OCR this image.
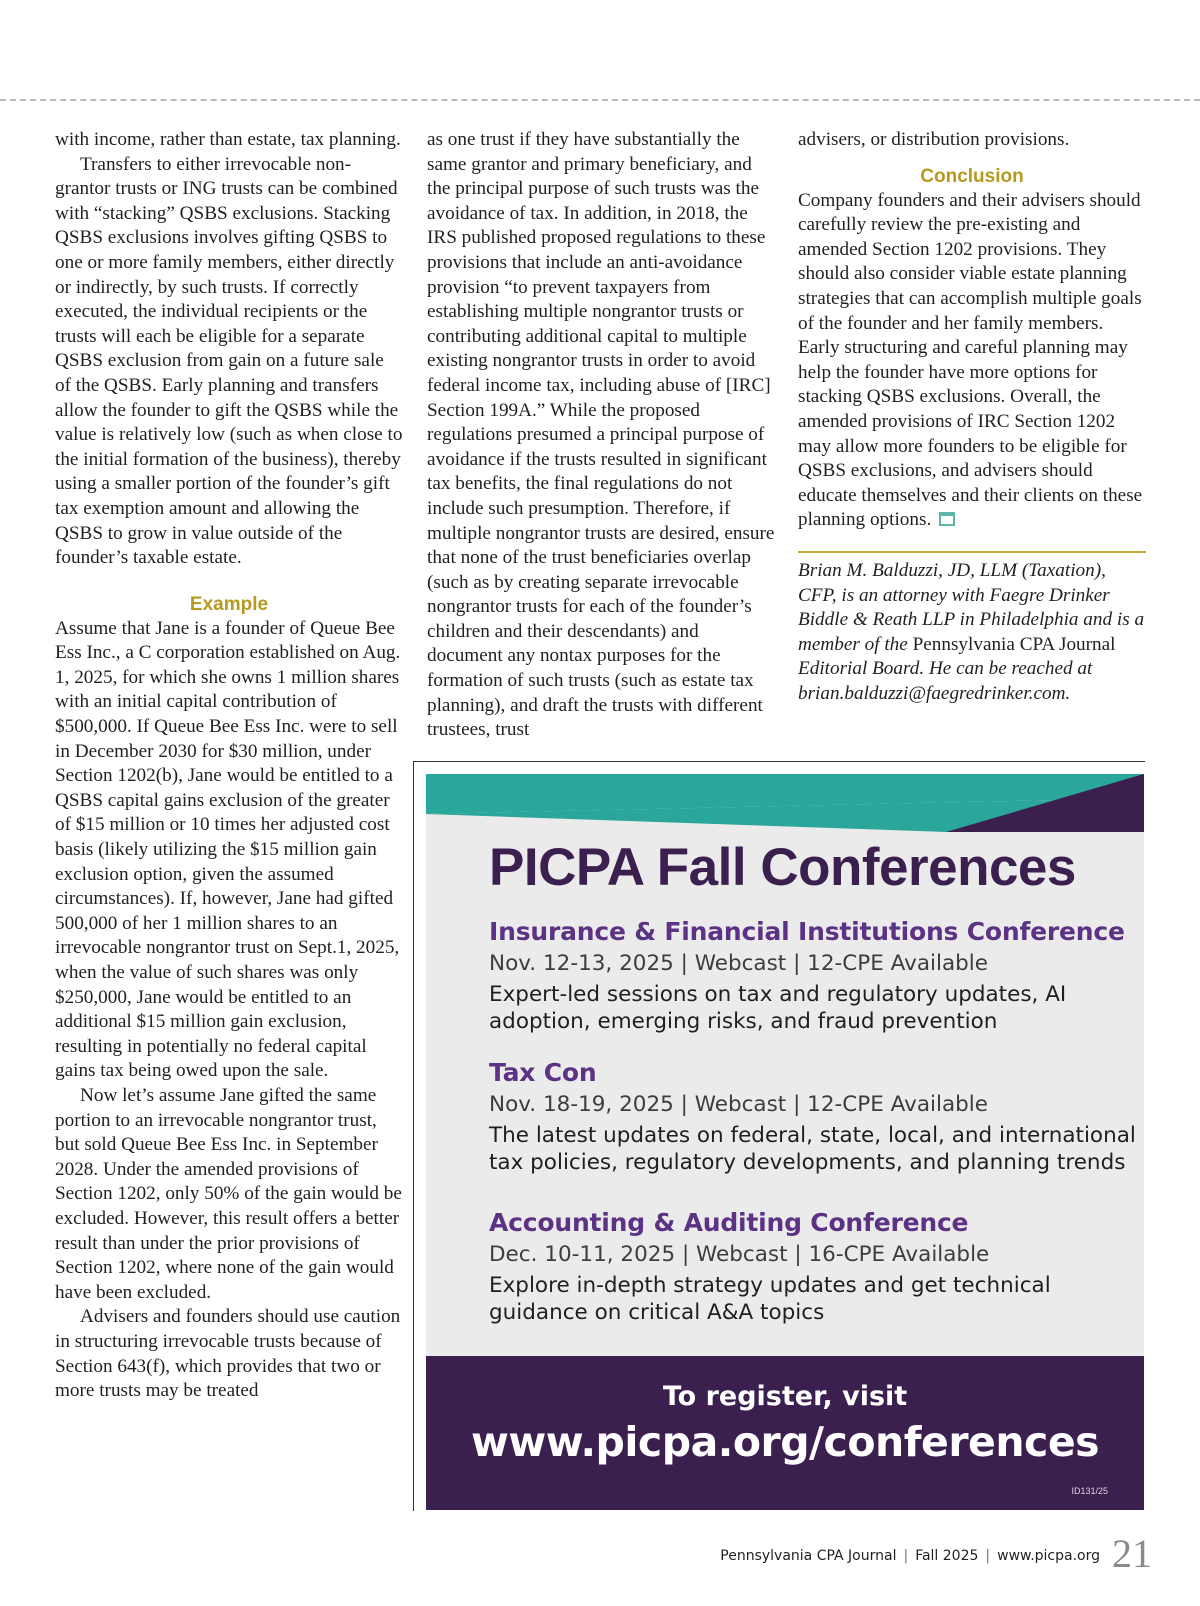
with income, rather than estate, tax planning.

Transfers to either irrevocable non-grantor trusts or ING trusts can be combined with “stacking” QSBS exclusions. Stacking QSBS exclusions involves gifting QSBS to one or more family members, either directly or indirectly, by such trusts. If correctly executed, the individual recipients or the trusts will each be eligible for a separate QSBS exclusion from gain on a future sale of the QSBS. Early planning and transfers allow the founder to gift the QSBS while the value is relatively low (such as when close to the initial formation of the business), thereby using a smaller portion of the founder’s gift tax exemption amount and allowing the QSBS to grow in value outside of the founder’s taxable estate.

Example

Assume that Jane is a founder of Queue Bee Ess Inc., a C corporation established on Aug. 1, 2025, for which she owns 1 million shares with an initial capital contribution of $500,000. If Queue Bee Ess Inc. were to sell in December 2030 for $30 million, under Section 1202(b), Jane would be entitled to a QSBS capital gains exclusion of the greater of $15 million or 10 times her adjusted cost basis (likely utilizing the $15 million gain exclusion option, given the assumed circumstances). If, however, Jane had gifted 500,000 of her 1 million shares to an irrevocable nongrantor trust on Sept.1, 2025, when the value of such shares was only $250,000, Jane would be entitled to an additional $15 million gain exclusion, resulting in potentially no federal capital gains tax being owed upon the sale.

Now let’s assume Jane gifted the same portion to an irrevocable nongrantor trust, but sold Queue Bee Ess Inc. in September 2028. Under the amended provisions of Section 1202, only 50% of the gain would be excluded. However, this result offers a better result than under the prior provisions of Section 1202, where none of the gain would have been excluded.

Advisers and founders should use caution in structuring irrevocable trusts because of Section 643(f), which provides that two or more trusts may be treated

as one trust if they have substantially the same grantor and primary beneficiary, and the principal purpose of such trusts was the avoidance of tax. In addition, in 2018, the IRS published proposed regulations to these provisions that include an anti-avoidance provision “to prevent taxpayers from establishing multiple nongrantor trusts or contributing additional capital to multiple existing nongrantor trusts in order to avoid federal income tax, including abuse of [IRC] Section 199A.” While the proposed regulations presumed a principal purpose of avoidance if the trusts resulted in significant tax benefits, the final regulations do not include such presumption. Therefore, if multiple nongrantor trusts are desired, ensure that none of the trust beneficiaries overlap (such as by creating separate irrevocable nongrantor trusts for each of the founder’s children and their descendants) and document any nontax purposes for the formation of such trusts (such as estate tax planning), and draft the trusts with different trustees, trust

advisers, or distribution provisions.

Conclusion

Company founders and their advisers should carefully review the pre-existing and amended Section 1202 provisions. They should also consider viable estate planning strategies that can accomplish multiple goals of the founder and her family members. Early structuring and careful planning may help the founder have more options for stacking QSBS exclusions. Overall, the amended provisions of IRC Section 1202 may allow more founders to be eligible for QSBS exclusions, and advisers should educate themselves and their clients on these planning options.

Brian M. Balduzzi, JD, LLM (Taxation), CFP, is an attorney with Faegre Drinker Biddle & Reath LLP in Philadelphia and is a member of the Pennsylvania CPA Journal Editorial Board. He can be reached at brian.balduzzi@faegredrinker.com.

PICPA Fall Conferences

Insurance & Financial Institutions Conference

Nov. 12-13, 2025 | Webcast | 12-CPE Available

Expert-led sessions on tax and regulatory updates, AI adoption, emerging risks, and fraud prevention

Tax Con

Nov. 18-19, 2025 | Webcast | 12-CPE Available

The latest updates on federal, state, local, and international tax policies, regulatory developments, and planning trends

Accounting & Auditing Conference

Dec. 10-11, 2025 | Webcast | 16-CPE Available

Explore in-depth strategy updates and get technical guidance on critical A&A topics

To register, visit
www.picpa.org/conferences
ID131/25
Pennsylvania CPA Journal | Fall 2025 | www.picpa.org 21
